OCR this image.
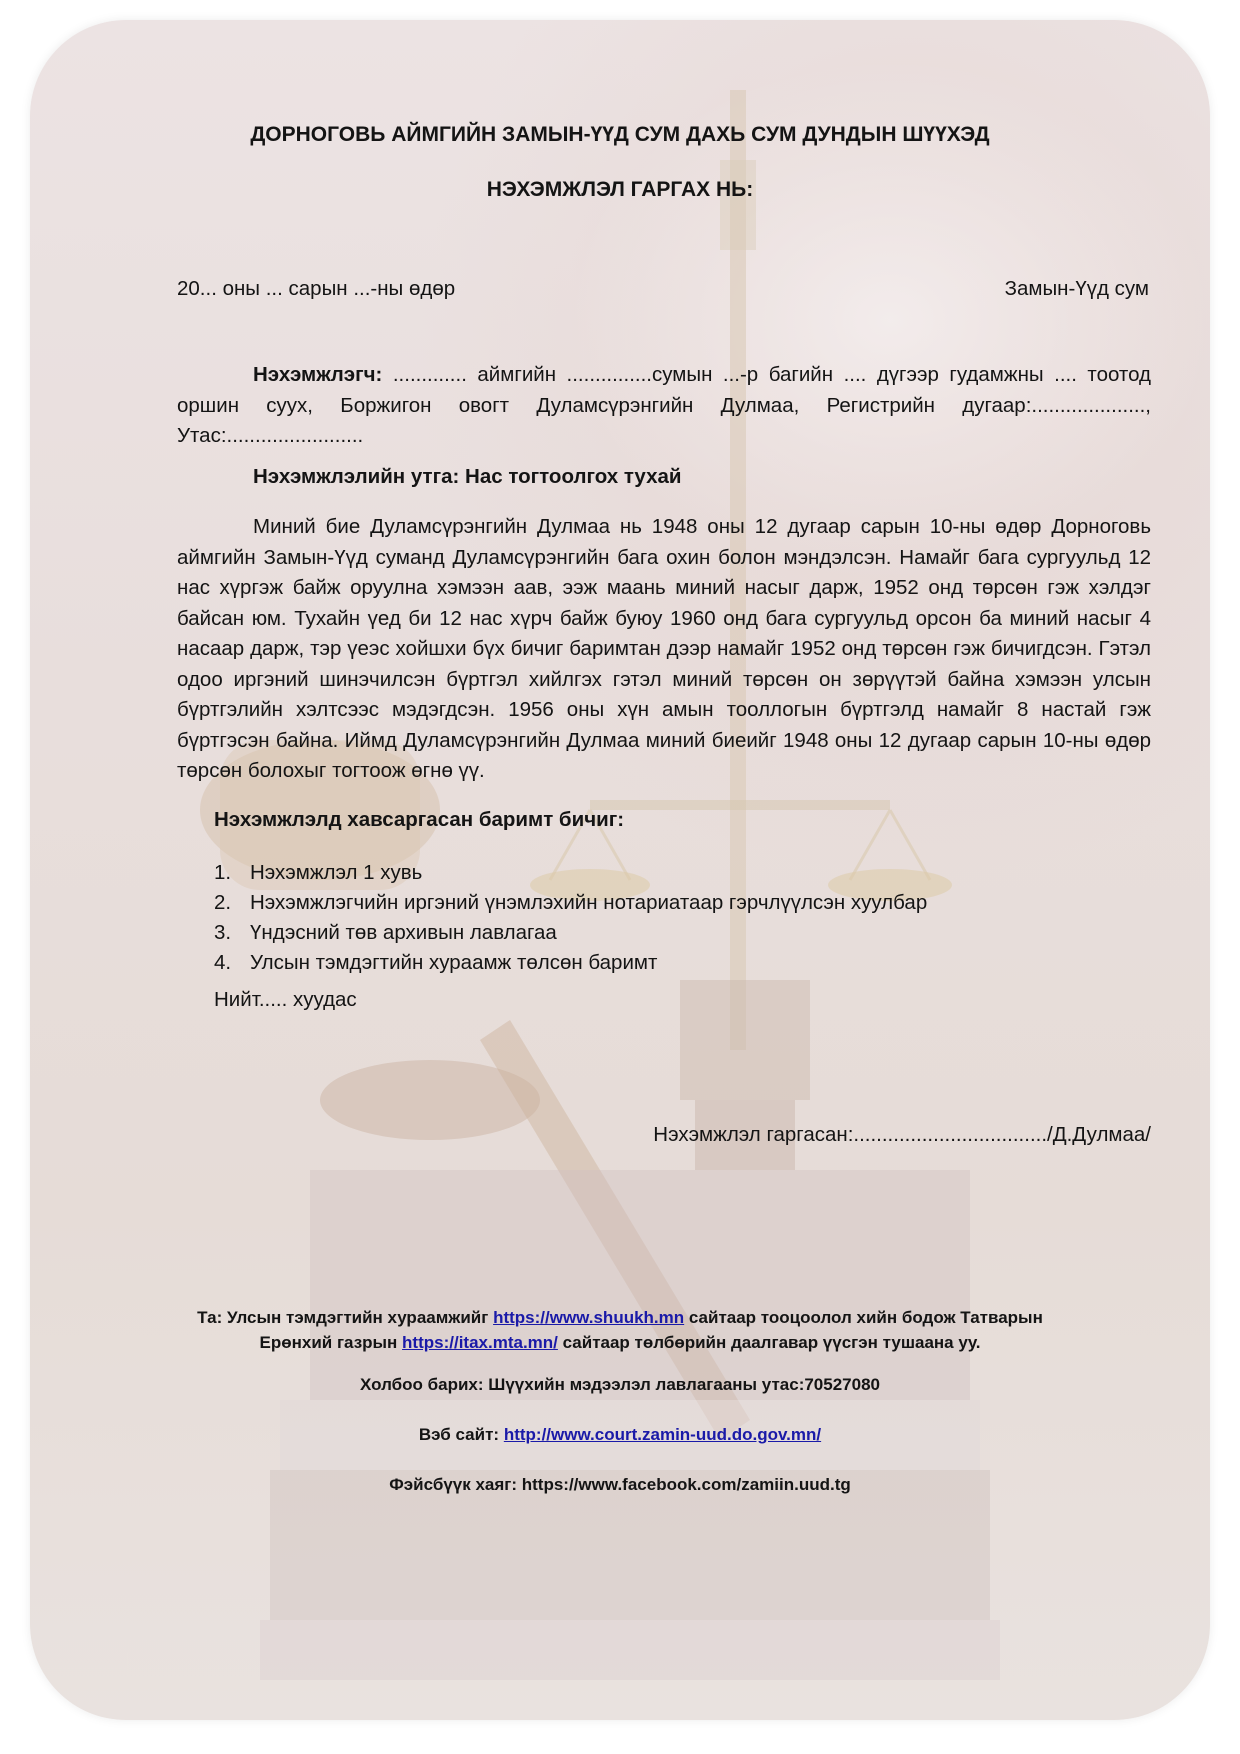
ДОРНОГОВЬ АЙМГИЙН ЗАМЫН-ҮҮД СУМ ДАХЬ СУМ ДУНДЫН ШҮҮХЭД
НЭХЭМЖЛЭЛ ГАРГАХ НЬ:
20... оны ... сарын ...-ны өдөр	Замын-Үүд сум
Нэхэмжлэгч: ............. аймгийн ...............сумын ...-р багийн .... дүгээр гудамжны .... тоотод оршин суух, Боржигон овогт Дуламсүрэнгийн Дулмаа, Регистрийн дугаар:...................., Утас:........................
Нэхэмжлэлийн утга: Нас тогтоолгох тухай
Миний бие Дуламсүрэнгийн Дулмаа нь 1948 оны 12 дугаар сарын 10-ны өдөр Дорноговь аймгийн Замын-Үүд суманд Дуламсүрэнгийн бага охин болон мэндэлсэн. Намайг бага сургуульд 12 нас хүргэж байж оруулна хэмээн аав, ээж маань миний насыг дарж, 1952 онд төрсөн гэж хэлдэг байсан юм. Тухайн үед би 12 нас хүрч байж буюу 1960 онд бага сургуульд орсон ба миний насыг 4 насаар дарж, тэр үеэс хойшхи бүх бичиг баримтан дээр намайг 1952 онд төрсөн гэж бичигдсэн. Гэтэл одоо иргэний шинэчилсэн бүртгэл хийлгэх гэтэл миний төрсөн он зөрүүтэй байна хэмээн улсын бүртгэлийн хэлтсээс мэдэгдсэн. 1956 оны хүн амын тооллогын бүртгэлд намайг 8 настай гэж бүртгэсэн байна. Иймд Дуламсүрэнгийн Дулмаа миний биеийг 1948 оны 12 дугаар сарын 10-ны өдөр төрсөн болохыг тогтоож өгнө үү.
Нэхэмжлэлд хавсаргасан баримт бичиг:
1. Нэхэмжлэл 1 хувь
2. Нэхэмжлэгчийн иргэний үнэмлэхийн нотариатаар гэрчлүүлсэн хуулбар
3. Үндэсний төв архивын лавлагаа
4. Улсын тэмдэгтийн хураамж төлсөн баримт
Нийт..... хуудас
Нэхэмжлэл гаргасан:................................../Д.Дулмаа/
Та: Улсын тэмдэгтийн хураамжийг https://www.shuukh.mn сайтаар тооцоолол хийн бодож Татварын
Ерөнхий газрын https://itax.mta.mn/ сайтаар төлбөрийн даалгавар үүсгэн тушаана уу.
Холбоо барих: Шүүхийн мэдээлэл лавлагааны утас:70527080
Вэб сайт: http://www.court.zamin-uud.do.gov.mn/
Фэйсбүүк хаяг: https://www.facebook.com/zamiin.uud.tg
